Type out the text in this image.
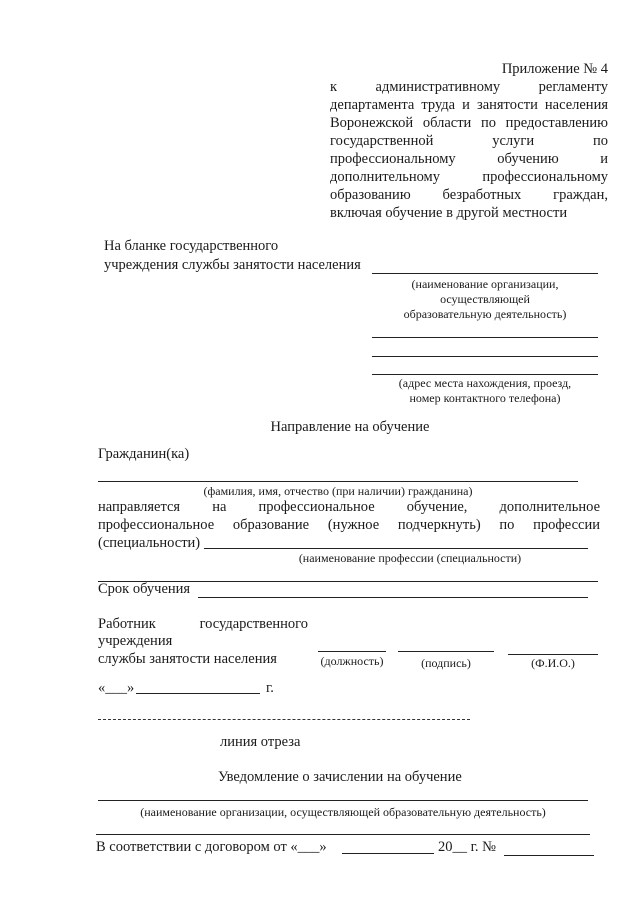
Приложение № 4
к административному регламенту
департамента труда и занятости населения
Воронежской области по предоставлению
государственной услуги по
профессиональному обучению и
дополнительному профессиональному
образованию безработных граждан,
включая обучение в другой местности
На бланке государственного
учреждения службы занятости населения
(наименование организации,
осуществляющей
образовательную деятельность)
(адрес места нахождения, проезд,
номер контактного телефона)
Направление на обучение
Гражданин(ка)
(фамилия, имя, отчество (при наличии) гражданина)
направляется на профессиональное обучение, дополнительное
профессиональное образование (нужное подчеркнуть) по профессии
(специальности)
(наименование профессии (специальности)
Срок обучения
Работник государственного
учреждения
службы занятости населения	(должность)	(подпись)	(Ф.И.О.)
«___»	г.
линия отреза
Уведомление о зачислении на обучение
(наименование организации, осуществляющей образовательную деятельность)
В соответствии с договором от «___»	20__ г. №
